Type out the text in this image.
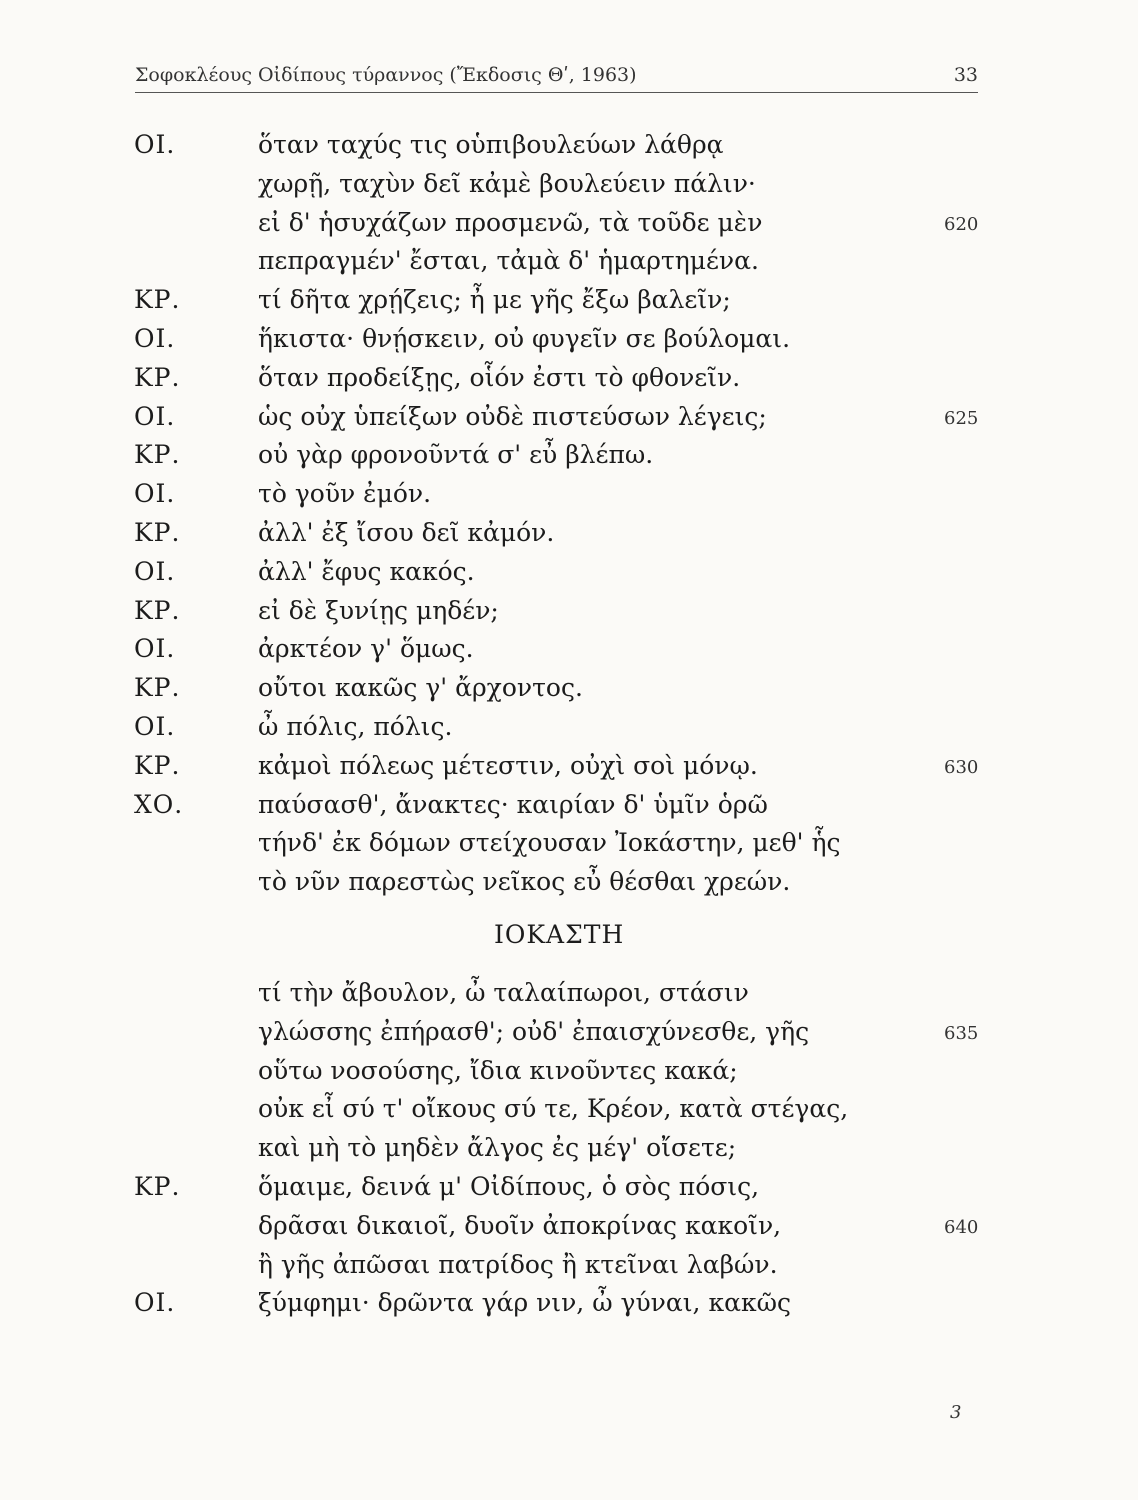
Σοφοκλέους Οἰδίπους τύραννος (Ἔκδοσις Θʹ, 1963)	33
ΟΙ.	ὅταν ταχύς τις οὑπιβουλεύων λάθρᾳ
χωρῇ, ταχὺν δεῖ κἀμὲ βουλεύειν πάλιν·
εἰ δ' ἡσυχάζων προσμενῶ, τὰ τοῦδε μὲν	620
πεπραγμέν' ἔσται, τἀμὰ δ' ἡμαρτημένα.
ΚΡ.	τί δῆτα χρῄζεις; ἦ με γῆς ἔξω βαλεῖν;
ΟΙ.	ἥκιστα· θνῄσκειν, οὐ φυγεῖν σε βούλομαι.
ΚΡ.	ὅταν προδείξῃς, οἷόν ἐστι τὸ φθονεῖν.
ΟΙ.	ὡς οὐχ ὑπείξων οὐδὲ πιστεύσων λέγεις;	625
ΚΡ.	οὐ γὰρ φρονοῦντά σ' εὖ βλέπω.
ΟΙ.	τὸ γοῦν ἐμόν.
ΚΡ.	ἀλλ' ἐξ ἴσου δεῖ κἀμόν.
ΟΙ.	ἀλλ' ἔφυς κακός.
ΚΡ.	εἰ δὲ ξυνίῃς μηδέν;
ΟΙ.	ἀρκτέον γ' ὅμως.
ΚΡ.	οὔτοι κακῶς γ' ἄρχοντος.
ΟΙ.	ὦ πόλις, πόλις.
ΚΡ.	κἀμοὶ πόλεως μέτεστιν, οὐχὶ σοὶ μόνῳ.	630
ΧΟ.	παύσασθ', ἄνακτες· καιρίαν δ' ὑμῖν ὁρῶ
τήνδ' ἐκ δόμων στείχουσαν Ἰοκάστην, μεθ' ἧς
τὸ νῦν παρεστὼς νεῖκος εὖ θέσθαι χρεών.
ΙΟΚΑΣΤΗ
τί τὴν ἄβουλον, ὦ ταλαίπωροι, στάσιν
γλώσσης ἐπήρασθ'; οὐδ' ἐπαισχύνεσθε, γῆς	635
οὕτω νοσούσης, ἴδια κινοῦντες κακά;
οὐκ εἶ σύ τ' οἴκους σύ τε, Κρέον, κατὰ στέγας,
καὶ μὴ τὸ μηδὲν ἄλγος ἐς μέγ' οἴσετε;
ΚΡ.	ὅμαιμε, δεινά μ' Οἰδίπους, ὁ σὸς πόσις,
δρᾶσαι δικαιοῖ, δυοῖν ἀποκρίνας κακοῖν,	640
ἢ γῆς ἀπῶσαι πατρίδος ἢ κτεῖναι λαβών.
ΟΙ.	ξύμφημι· δρῶντα γάρ νιν, ὦ γύναι, κακῶς
3
